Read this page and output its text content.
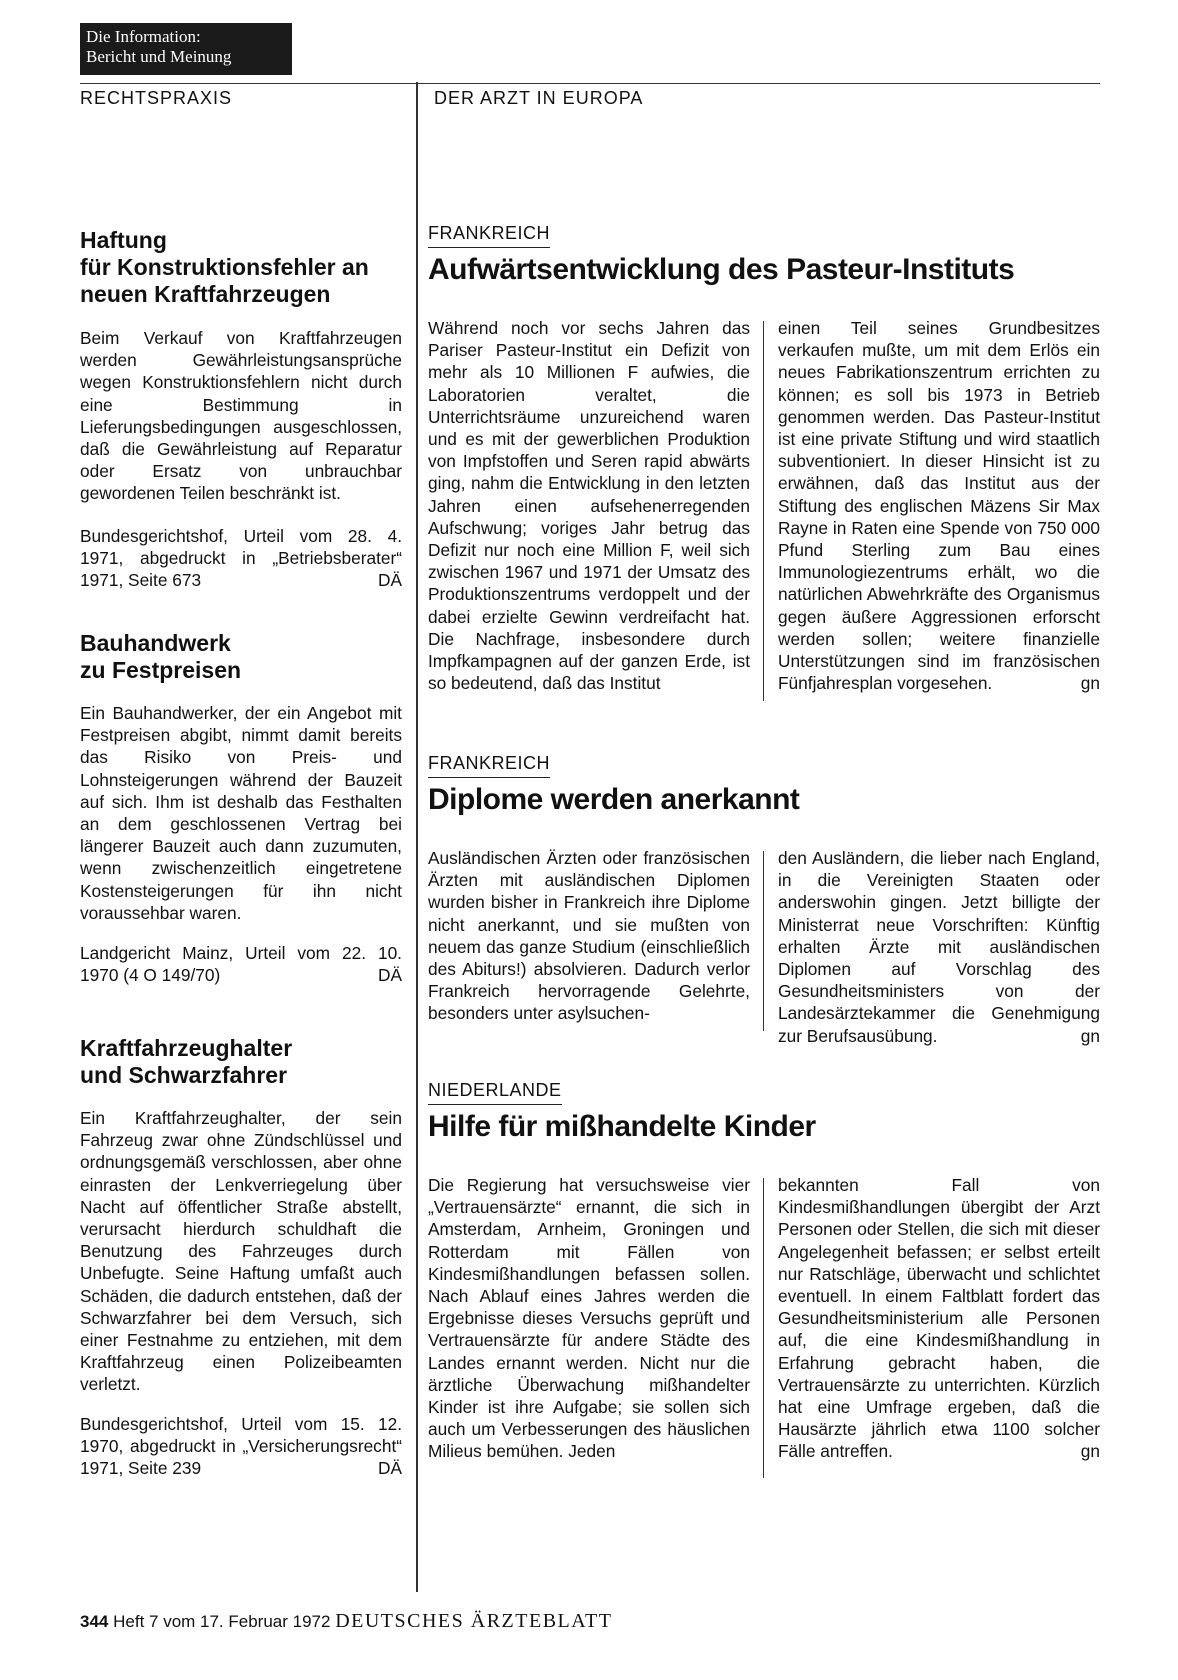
Die Information:
Bericht und Meinung
RECHTSPRAXIS	DER ARZT IN EUROPA
Haftung
für Konstruktionsfehler an
neuen Kraftfahrzeugen

Beim Verkauf von Kraftfahrzeugen werden Gewährleistungsansprüche wegen Konstruktionsfehlern nicht durch eine Bestimmung in Lieferungsbedingungen ausgeschlossen, daß die Gewährleistung auf Reparatur oder Ersatz von unbrauchbar gewordenen Teilen beschränkt ist.

Bundesgerichtshof, Urteil vom 28. 4. 1971, abgedruckt in „Betriebsberater“ 1971, Seite 673	DÄ

Bauhandwerk
zu Festpreisen

Ein Bauhandwerker, der ein Angebot mit Festpreisen abgibt, nimmt damit bereits das Risiko von Preis- und Lohnsteigerungen während der Bauzeit auf sich. Ihm ist deshalb das Festhalten an dem geschlossenen Vertrag bei längerer Bauzeit auch dann zuzumuten, wenn zwischenzeitlich eingetretene Kostensteigerungen für ihn nicht voraussehbar waren.

Landgericht Mainz, Urteil vom 22. 10. 1970 (4 O 149/70)	DÄ

Kraftfahrzeughalter
und Schwarzfahrer

Ein Kraftfahrzeughalter, der sein Fahrzeug zwar ohne Zündschlüssel und ordnungsgemäß verschlossen, aber ohne einrasten der Lenkverriegelung über Nacht auf öffentlicher Straße abstellt, verursacht hierdurch schuldhaft die Benutzung des Fahrzeuges durch Unbefugte. Seine Haftung umfaßt auch Schäden, die dadurch entstehen, daß der Schwarzfahrer bei dem Versuch, sich einer Festnahme zu entziehen, mit dem Kraftfahrzeug einen Polizeibeamten verletzt.

Bundesgerichtshof, Urteil vom 15. 12. 1970, abgedruckt in „Versicherungsrecht“ 1971, Seite 239	DÄ

FRANKREICH
Aufwärtsentwicklung des Pasteur-Instituts

Während noch vor sechs Jahren das Pariser Pasteur-Institut ein Defizit von mehr als 10 Millionen F aufwies, die Laboratorien veraltet, die Unterrichtsräume unzureichend waren und es mit der gewerblichen Produktion von Impfstoffen und Seren rapid abwärts ging, nahm die Entwicklung in den letzten Jahren einen aufsehenerregenden Aufschwung; voriges Jahr betrug das Defizit nur noch eine Million F, weil sich zwischen 1967 und 1971 der Umsatz des Produktionszentrums verdoppelt und der dabei erzielte Gewinn verdreifacht hat. Die Nachfrage, insbesondere durch Impfkampagnen auf der ganzen Erde, ist so bedeutend, daß das Institut

einen Teil seines Grundbesitzes verkaufen mußte, um mit dem Erlös ein neues Fabrikationszentrum errichten zu können; es soll bis 1973 in Betrieb genommen werden. Das Pasteur-Institut ist eine private Stiftung und wird staatlich subventioniert. In dieser Hinsicht ist zu erwähnen, daß das Institut aus der Stiftung des englischen Mäzens Sir Max Rayne in Raten eine Spende von 750 000 Pfund Sterling zum Bau eines Immunologiezentrums erhält, wo die natürlichen Abwehrkräfte des Organismus gegen äußere Aggressionen erforscht werden sollen; weitere finanzielle Unterstützungen sind im französischen Fünfjahresplan vorgesehen.	gn

FRANKREICH
Diplome werden anerkannt

Ausländischen Ärzten oder französischen Ärzten mit ausländischen Diplomen wurden bisher in Frankreich ihre Diplome nicht anerkannt, und sie mußten von neuem das ganze Studium (einschließlich des Abiturs!) absolvieren. Dadurch verlor Frankreich hervorragende Gelehrte, besonders unter asylsuchen-

den Ausländern, die lieber nach England, in die Vereinigten Staaten oder anderswohin gingen. Jetzt billigte der Ministerrat neue Vorschriften: Künftig erhalten Ärzte mit ausländischen Diplomen auf Vorschlag des Gesundheitsministers von der Landesärztekammer die Genehmigung zur Berufsausübung.	gn

NIEDERLANDE
Hilfe für mißhandelte Kinder

Die Regierung hat versuchsweise vier „Vertrauensärzte“ ernannt, die sich in Amsterdam, Arnheim, Groningen und Rotterdam mit Fällen von Kindesmißhandlungen befassen sollen. Nach Ablauf eines Jahres werden die Ergebnisse dieses Versuchs geprüft und Vertrauensärzte für andere Städte des Landes ernannt werden. Nicht nur die ärztliche Überwachung mißhandelter Kinder ist ihre Aufgabe; sie sollen sich auch um Verbesserungen des häuslichen Milieus bemühen. Jeden

bekannten Fall von Kindesmißhandlungen übergibt der Arzt Personen oder Stellen, die sich mit dieser Angelegenheit befassen; er selbst erteilt nur Ratschläge, überwacht und schlichtet eventuell. In einem Faltblatt fordert das Gesundheitsministerium alle Personen auf, die eine Kindesmißhandlung in Erfahrung gebracht haben, die Vertrauensärzte zu unterrichten. Kürzlich hat eine Umfrage ergeben, daß die Hausärzte jährlich etwa 1100 solcher Fälle antreffen.	gn

344 Heft 7 vom 17. Februar 1972 DEUTSCHES ÄRZTEBLATT
